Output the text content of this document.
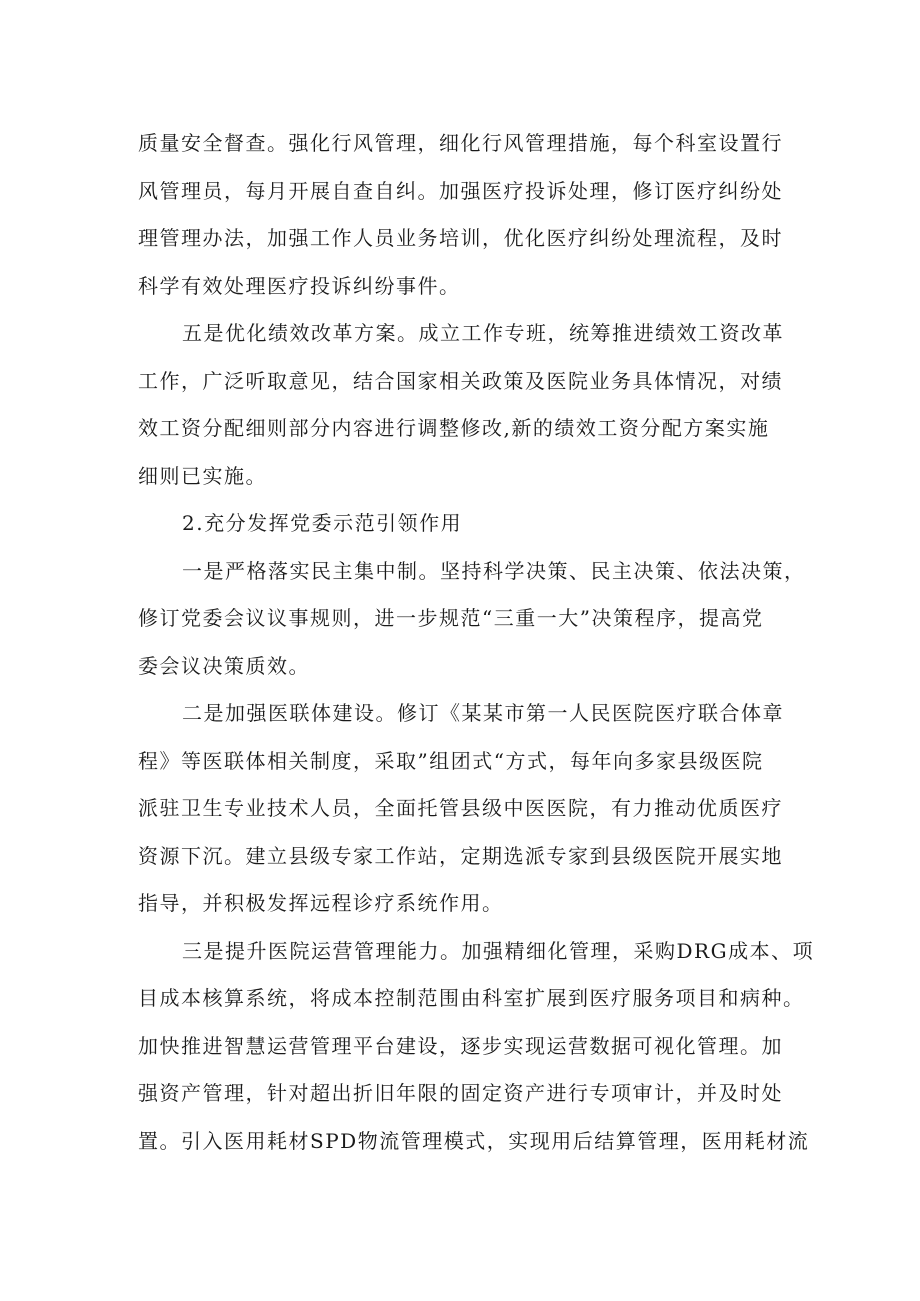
质量安全督查。强化行风管理，细化行风管理措施，每个科室设置行
风管理员，每月开展自查自纠。加强医疗投诉处理，修订医疗纠纷处
理管理办法，加强工作人员业务培训，优化医疗纠纷处理流程，及时
科学有效处理医疗投诉纠纷事件。
五是优化绩效改革方案。成立工作专班，统筹推进绩效工资改革
工作，广泛听取意见，结合国家相关政策及医院业务具体情况，对绩
效工资分配细则部分内容进行调整修改,新的绩效工资分配方案实施
细则已实施。
2.充分发挥党委示范引领作用
一是严格落实民主集中制。坚持科学决策、民主决策、依法决策，
修订党委会议议事规则，进一步规范“三重一大”决策程序，提高党
委会议决策质效。
二是加强医联体建设。修订《某某市第一人民医院医疗联合体章
程》等医联体相关制度，采取”组团式“方式，每年向多家县级医院
派驻卫生专业技术人员，全面托管县级中医医院，有力推动优质医疗
资源下沉。建立县级专家工作站，定期选派专家到县级医院开展实地
指导，并积极发挥远程诊疗系统作用。
三是提升医院运营管理能力。加强精细化管理，采购DRG成本、项
目成本核算系统，将成本控制范围由科室扩展到医疗服务项目和病种。
加快推进智慧运营管理平台建设，逐步实现运营数据可视化管理。加
强资产管理，针对超出折旧年限的固定资产进行专项审计，并及时处
置。引入医用耗材SPD物流管理模式，实现用后结算管理，医用耗材流
